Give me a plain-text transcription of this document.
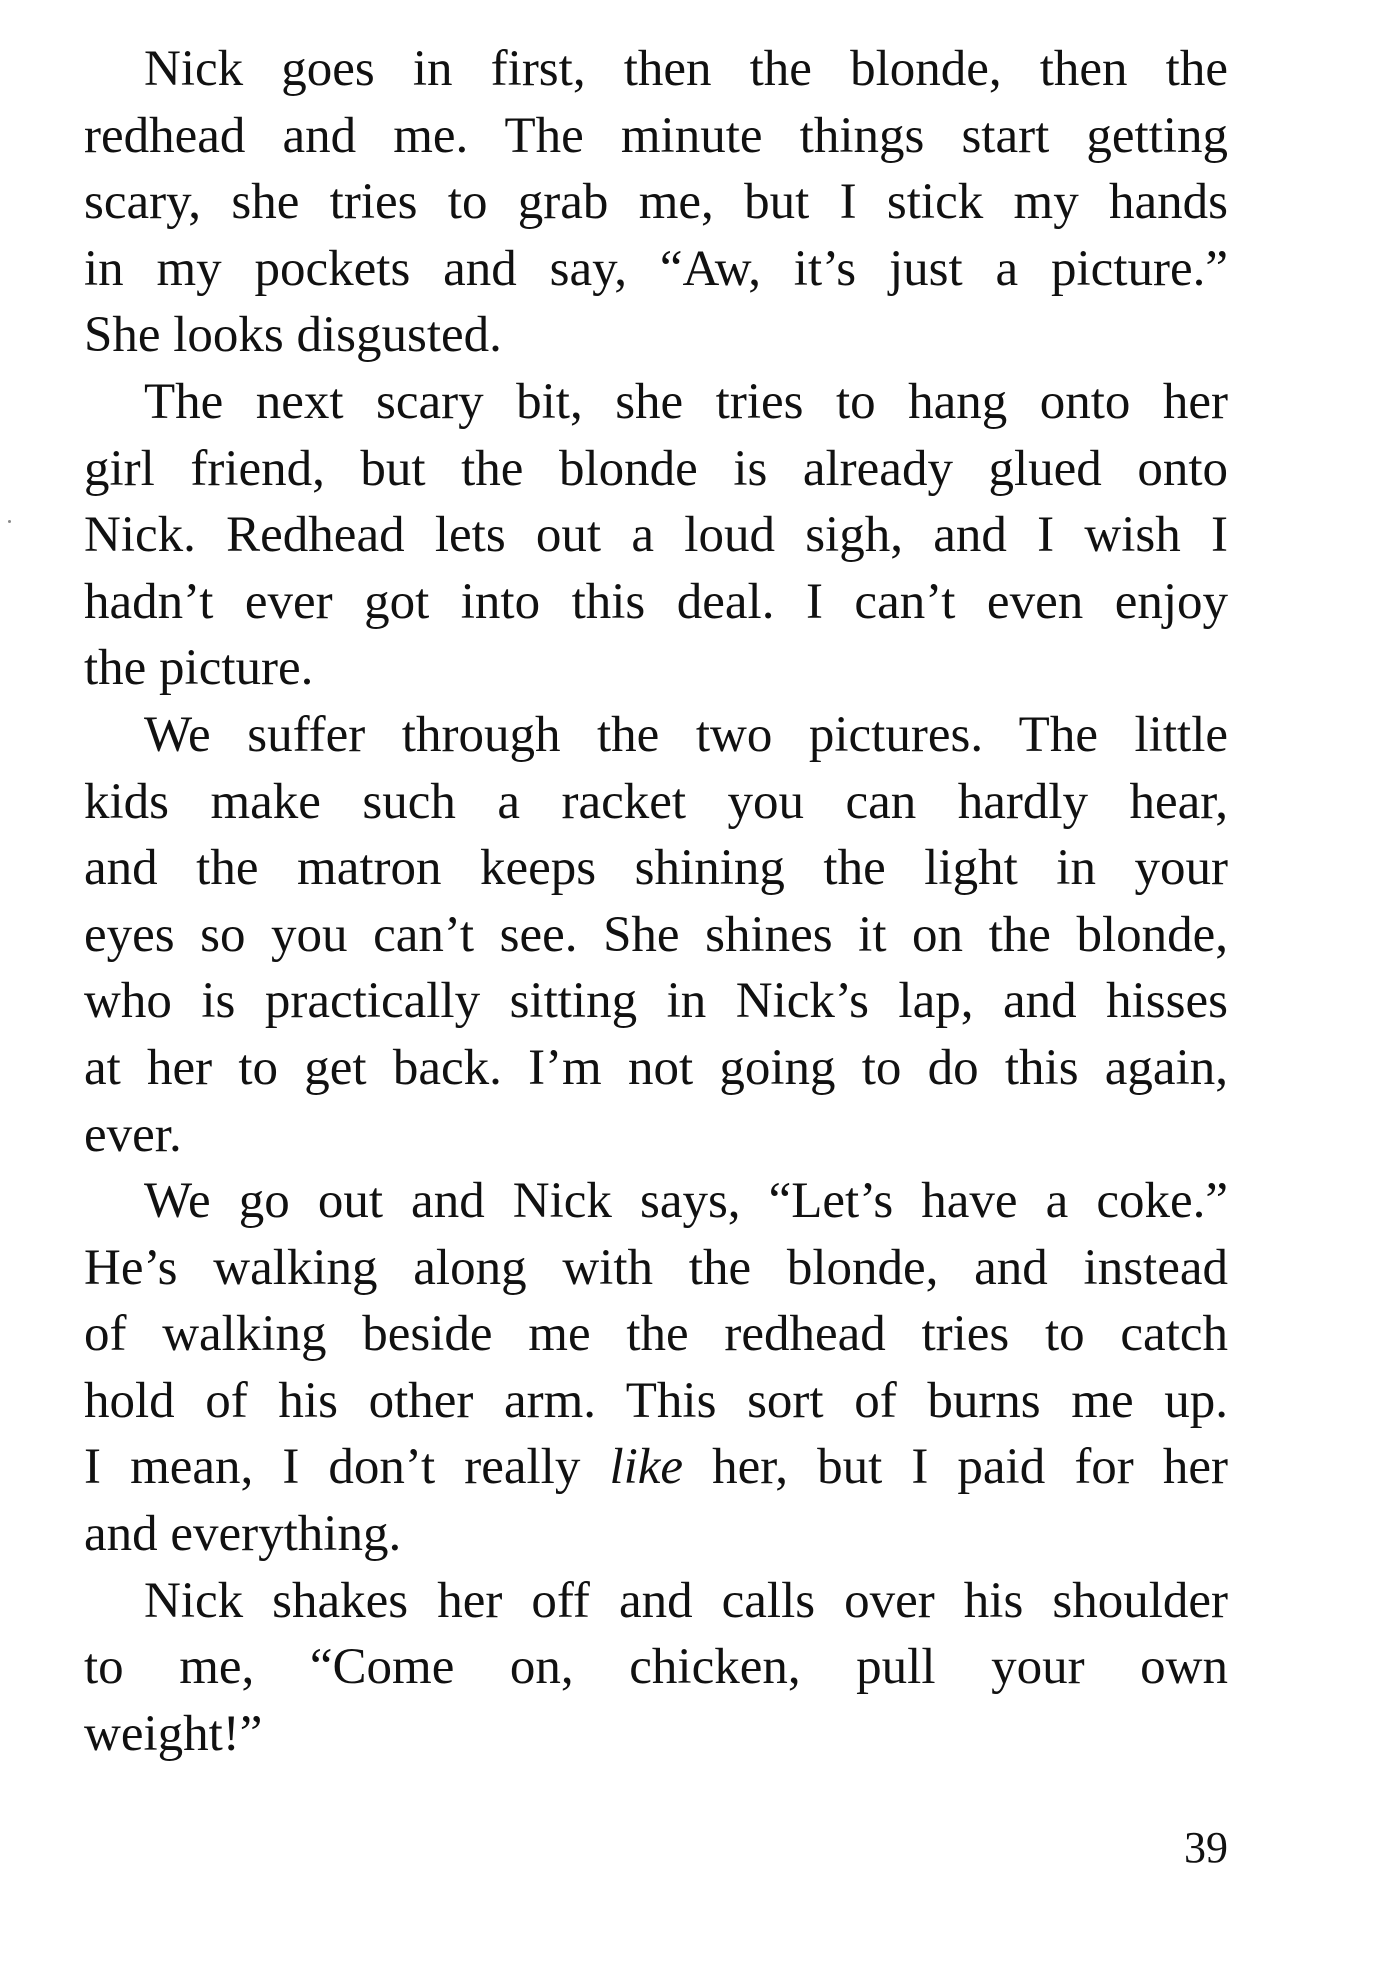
Nick goes in first, then the blonde, then the
redhead and me. The minute things start getting
scary, she tries to grab me, but I stick my hands
in my pockets and say, “Aw, it’s just a picture.”
She looks disgusted.
The next scary bit, she tries to hang onto her
girl friend, but the blonde is already glued onto
Nick. Redhead lets out a loud sigh, and I wish I
hadn’t ever got into this deal. I can’t even enjoy
the picture.
We suffer through the two pictures. The little
kids make such a racket you can hardly hear,
and the matron keeps shining the light in your
eyes so you can’t see. She shines it on the blonde,
who is practically sitting in Nick’s lap, and hisses
at her to get back. I’m not going to do this again,
ever.
We go out and Nick says, “Let’s have a coke.”
He’s walking along with the blonde, and instead
of walking beside me the redhead tries to catch
hold of his other arm. This sort of burns me up.
I mean, I don’t really like her, but I paid for her
and everything.
Nick shakes her off and calls over his shoulder
to me, “Come on, chicken, pull your own
weight!”
39
